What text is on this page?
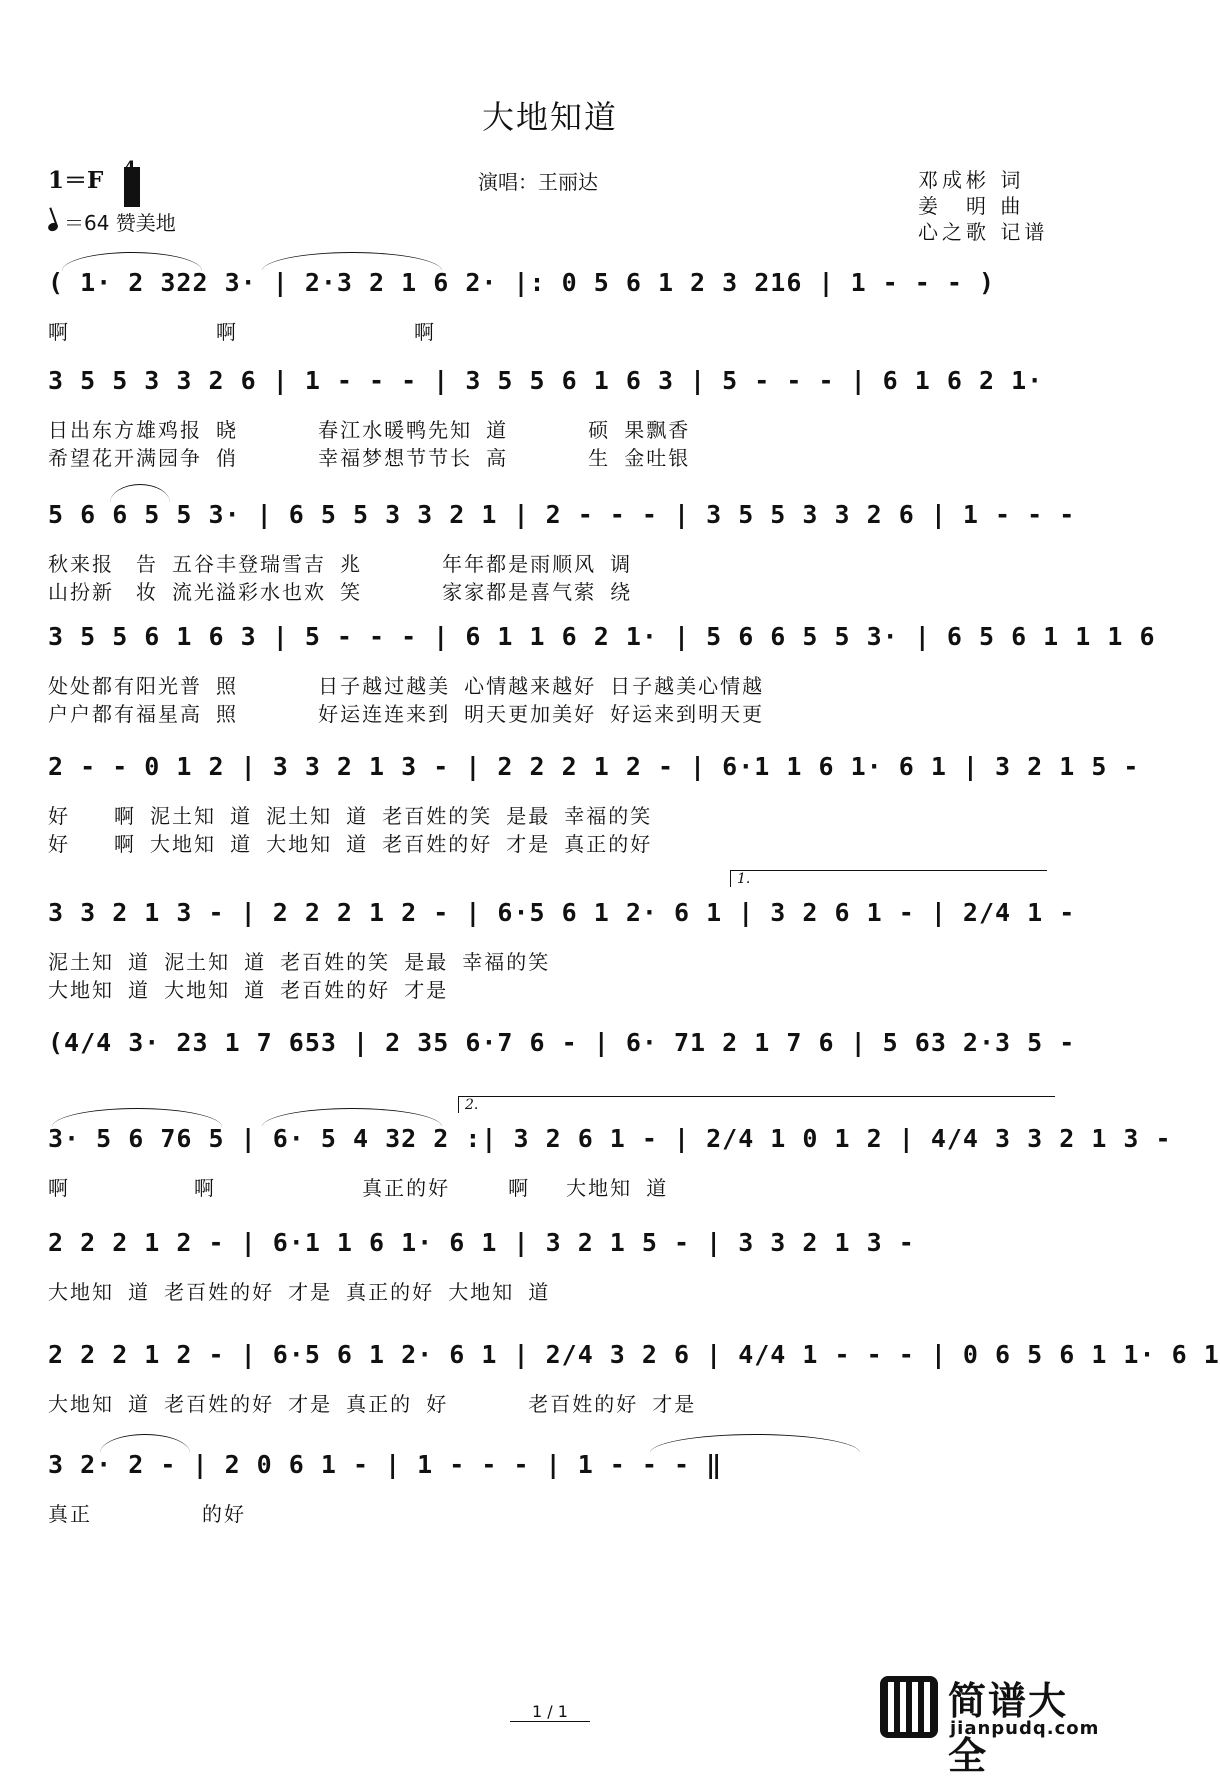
大地知道
1＝F
＝64 赞美地
演唱：王丽达	邓成彬 词
姜　明 曲
心之歌 记谱
( 1· 2 322 3· | 2·3 2 1 6 2· |: 0 5 6 1 2 3 216 | 1 - - - )
啊　　　　　　 啊　　　　　　　　啊
3 5 5 3 3 2 6 | 1 - - - | 3 5 5 6 1 6 3 | 5 - - - | 6 1 6 2 1·
日出东方雄鸡报 晓　　　 春江水暖鸭先知 道　　　 硕 果飘香
希望花开满园争 俏　　　 幸福梦想节节长 高　　　 生 金吐银
5 6 6 5 5 3· | 6 5 5 3 3 2 1 | 2 - - - | 3 5 5 3 3 2 6 | 1 - - -
秋来报　告 五谷丰登瑞雪吉 兆　　　 年年都是雨顺风 调
山扮新　妆 流光溢彩水也欢 笑　　　 家家都是喜气萦 绕
3 5 5 6 1 6 3 | 5 - - - | 6 1 1 6 2 1· | 5 6 6 5 5 3· | 6 5 6 1 1 1 6
处处都有阳光普 照　　　 日子越过越美 心情越来越好 日子越美心情越
户户都有福星高 照　　　 好运连连来到 明天更加美好 好运来到明天更
2 - - 0 1 2 | 3 3 2 1 3 - | 2 2 2 1 2 - | 6·1 1 6 1· 6 1 | 3 2 1 5 -
好　　啊 泥土知 道 泥土知 道 老百姓的笑 是最 幸福的笑
好　　啊 大地知 道 大地知 道 老百姓的好 才是 真正的好
1.
3 3 2 1 3 - | 2 2 2 1 2 - | 6·5 6 1 2· 6 1 | 3 2 6 1 - | 2/4 1 -
泥土知 道 泥土知 道 老百姓的笑 是最 幸福的笑
大地知 道 大地知 道 老百姓的好 才是
(4/4 3· 23 1 7 653 | 2 35 6·7 6 - | 6· 71 2 1 7 6 | 5 63 2·3 5 -
2.
3· 5 6 76 5 | 6· 5 4 32 2 :| 3 2 6 1 - | 2/4 1 0 1 2 | 4/4 3 3 2 1 3 -
啊　　　　　 啊　　　　　　 真正的好　　 啊　 大地知 道
2 2 2 1 2 - | 6·1 1 6 1· 6 1 | 3 2 1 5 - | 3 3 2 1 3 -
大地知 道 老百姓的好 才是 真正的好 大地知 道
2 2 2 1 2 - | 6·5 6 1 2· 6 1 | 2/4 3 2 6 | 4/4 1 - - - | 0 6 5 6 1 1· 6 1
大地知 道 老百姓的好 才是 真正的 好　　　 老百姓的好 才是
3 2· 2 - | 2 0 6 1 - | 1 - - - | 1 - - - ‖
真正　　　　　的好
1 / 1	简谱大全
jianpudq.com
